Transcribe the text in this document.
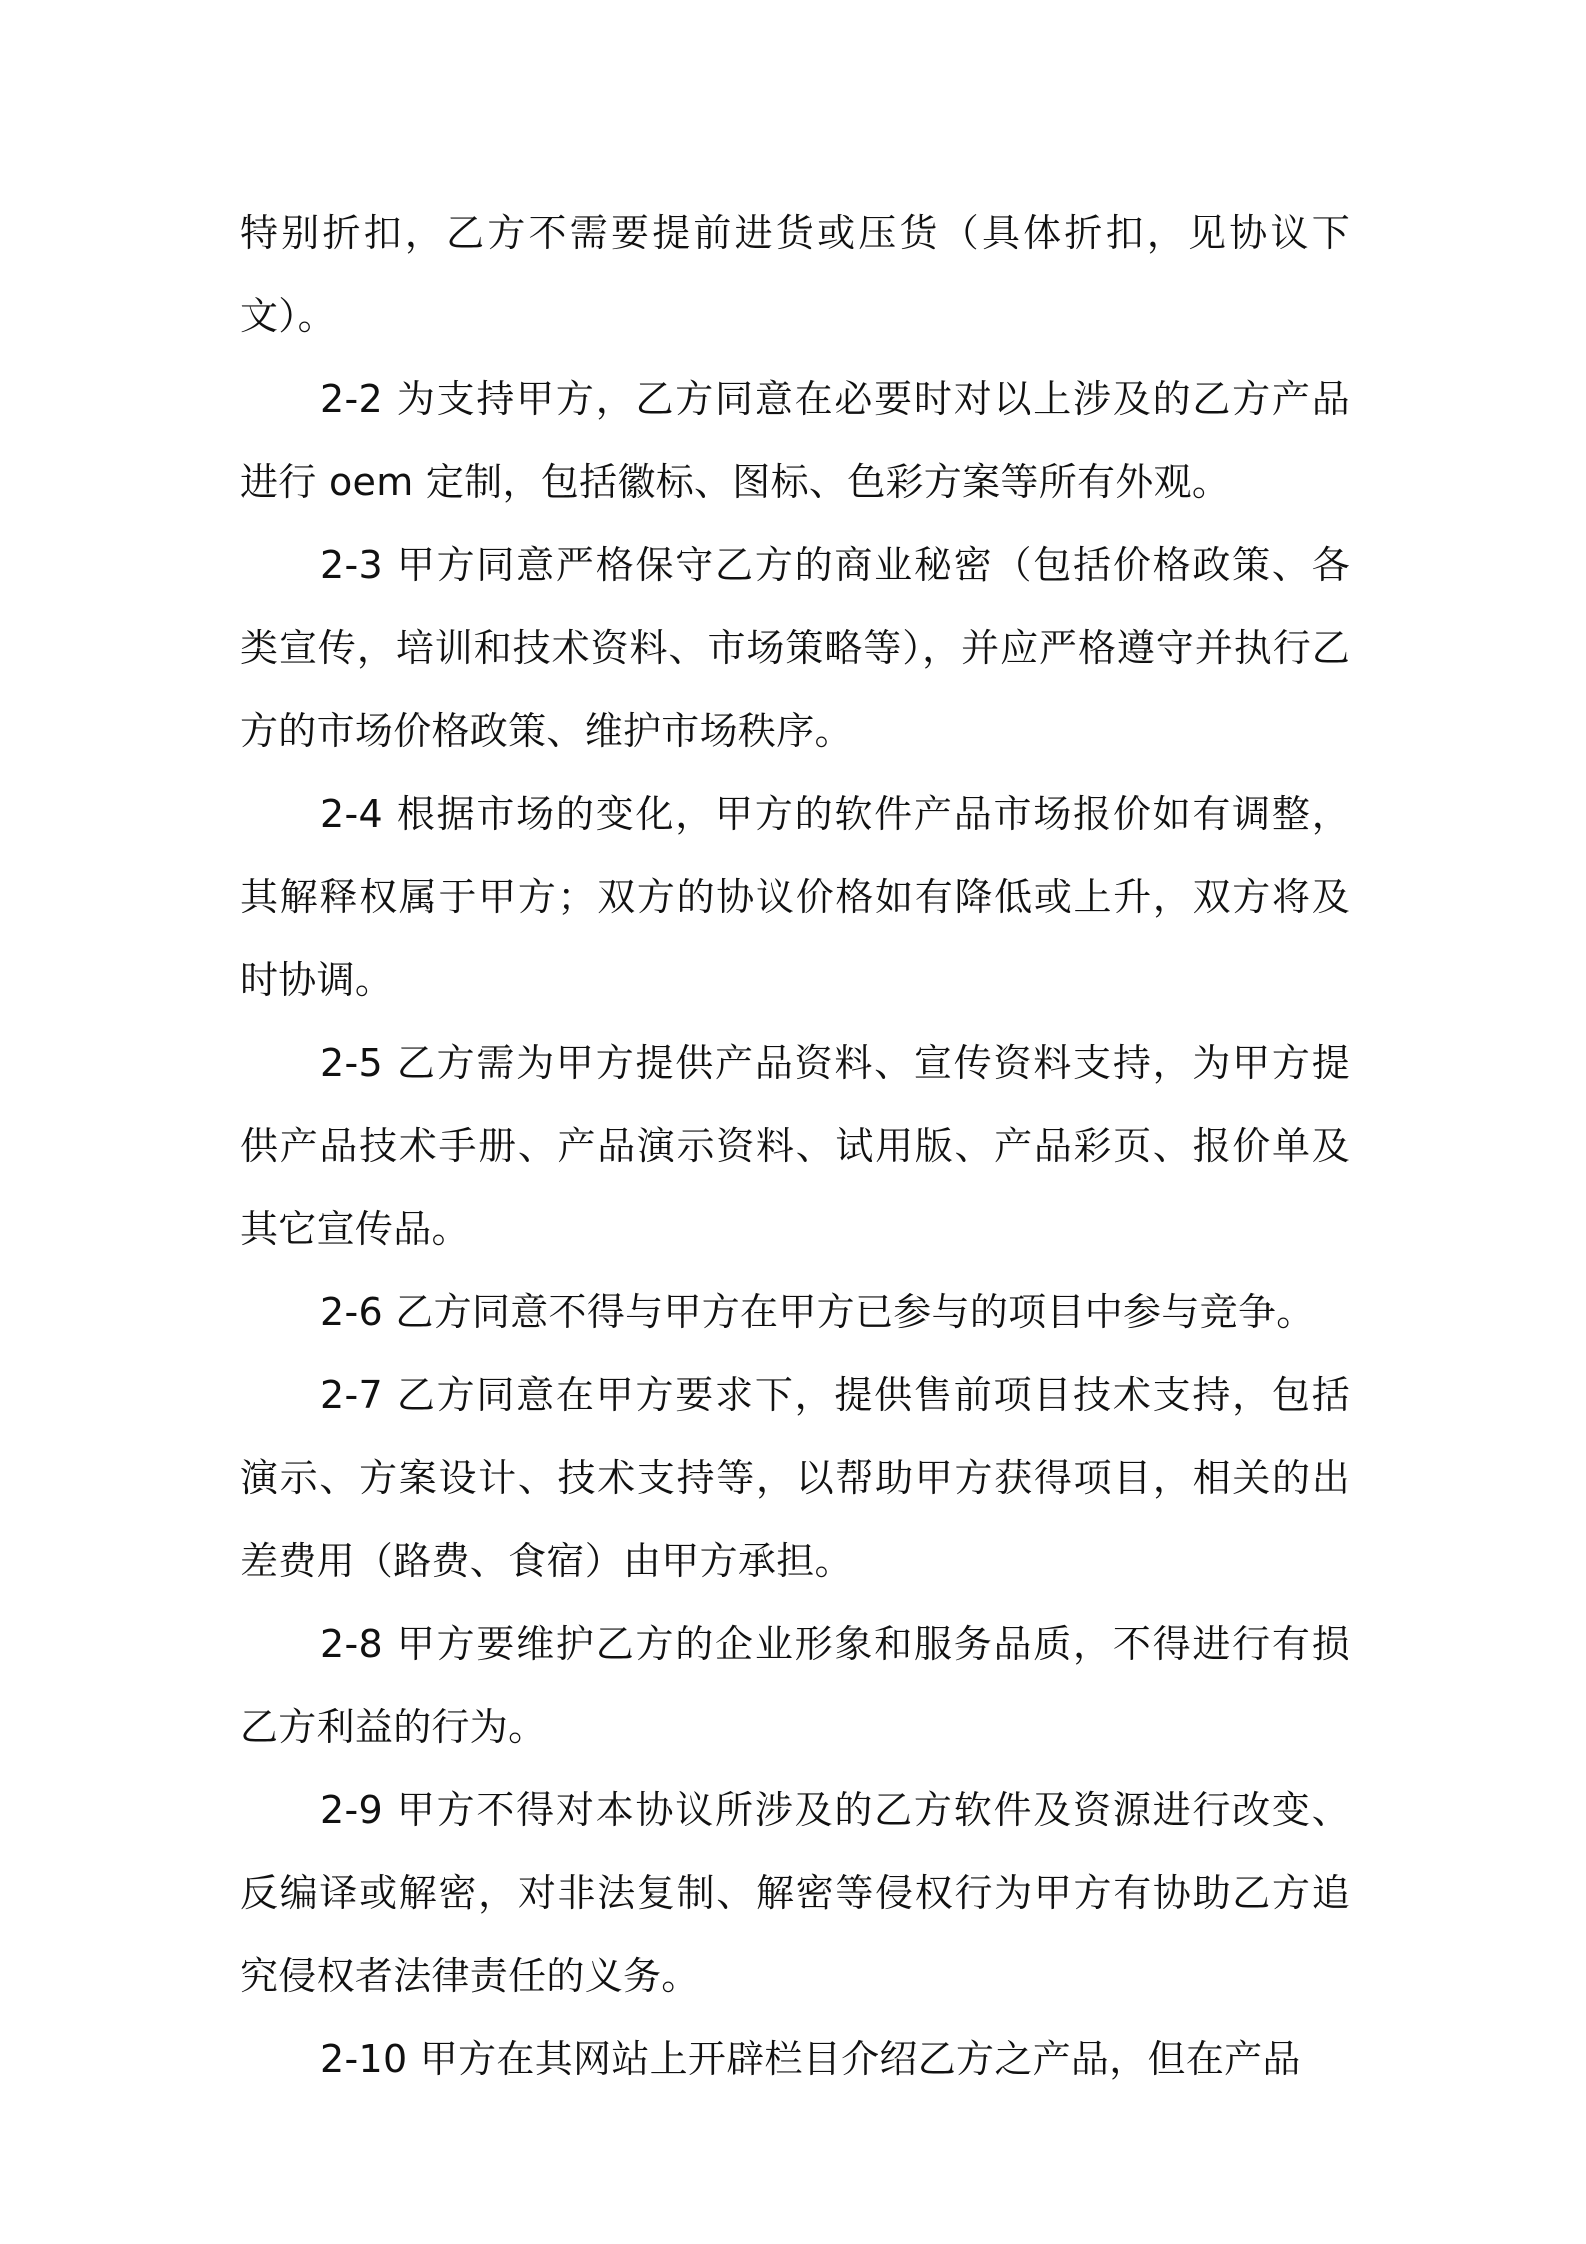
特别折扣，乙方不需要提前进货或压货（具体折扣，见协议下文）。

2-2 为支持甲方，乙方同意在必要时对以上涉及的乙方产品进行 oem 定制，包括徽标、图标、色彩方案等所有外观。

2-3 甲方同意严格保守乙方的商业秘密（包括价格政策、各类宣传，培训和技术资料、市场策略等），并应严格遵守并执行乙方的市场价格政策、维护市场秩序。

2-4 根据市场的变化，甲方的软件产品市场报价如有调整，其解释权属于甲方；双方的协议价格如有降低或上升，双方将及时协调。

2-5 乙方需为甲方提供产品资料、宣传资料支持，为甲方提供产品技术手册、产品演示资料、试用版、产品彩页、报价单及其它宣传品。

2-6 乙方同意不得与甲方在甲方已参与的项目中参与竞争。

2-7 乙方同意在甲方要求下，提供售前项目技术支持，包括演示、方案设计、技术支持等，以帮助甲方获得项目，相关的出差费用（路费、食宿）由甲方承担。

2-8 甲方要维护乙方的企业形象和服务品质，不得进行有损乙方利益的行为。

2-9 甲方不得对本协议所涉及的乙方软件及资源进行改变、反编译或解密，对非法复制、解密等侵权行为甲方有协助乙方追究侵权者法律责任的义务。

2-10 甲方在其网站上开辟栏目介绍乙方之产品，但在产品
